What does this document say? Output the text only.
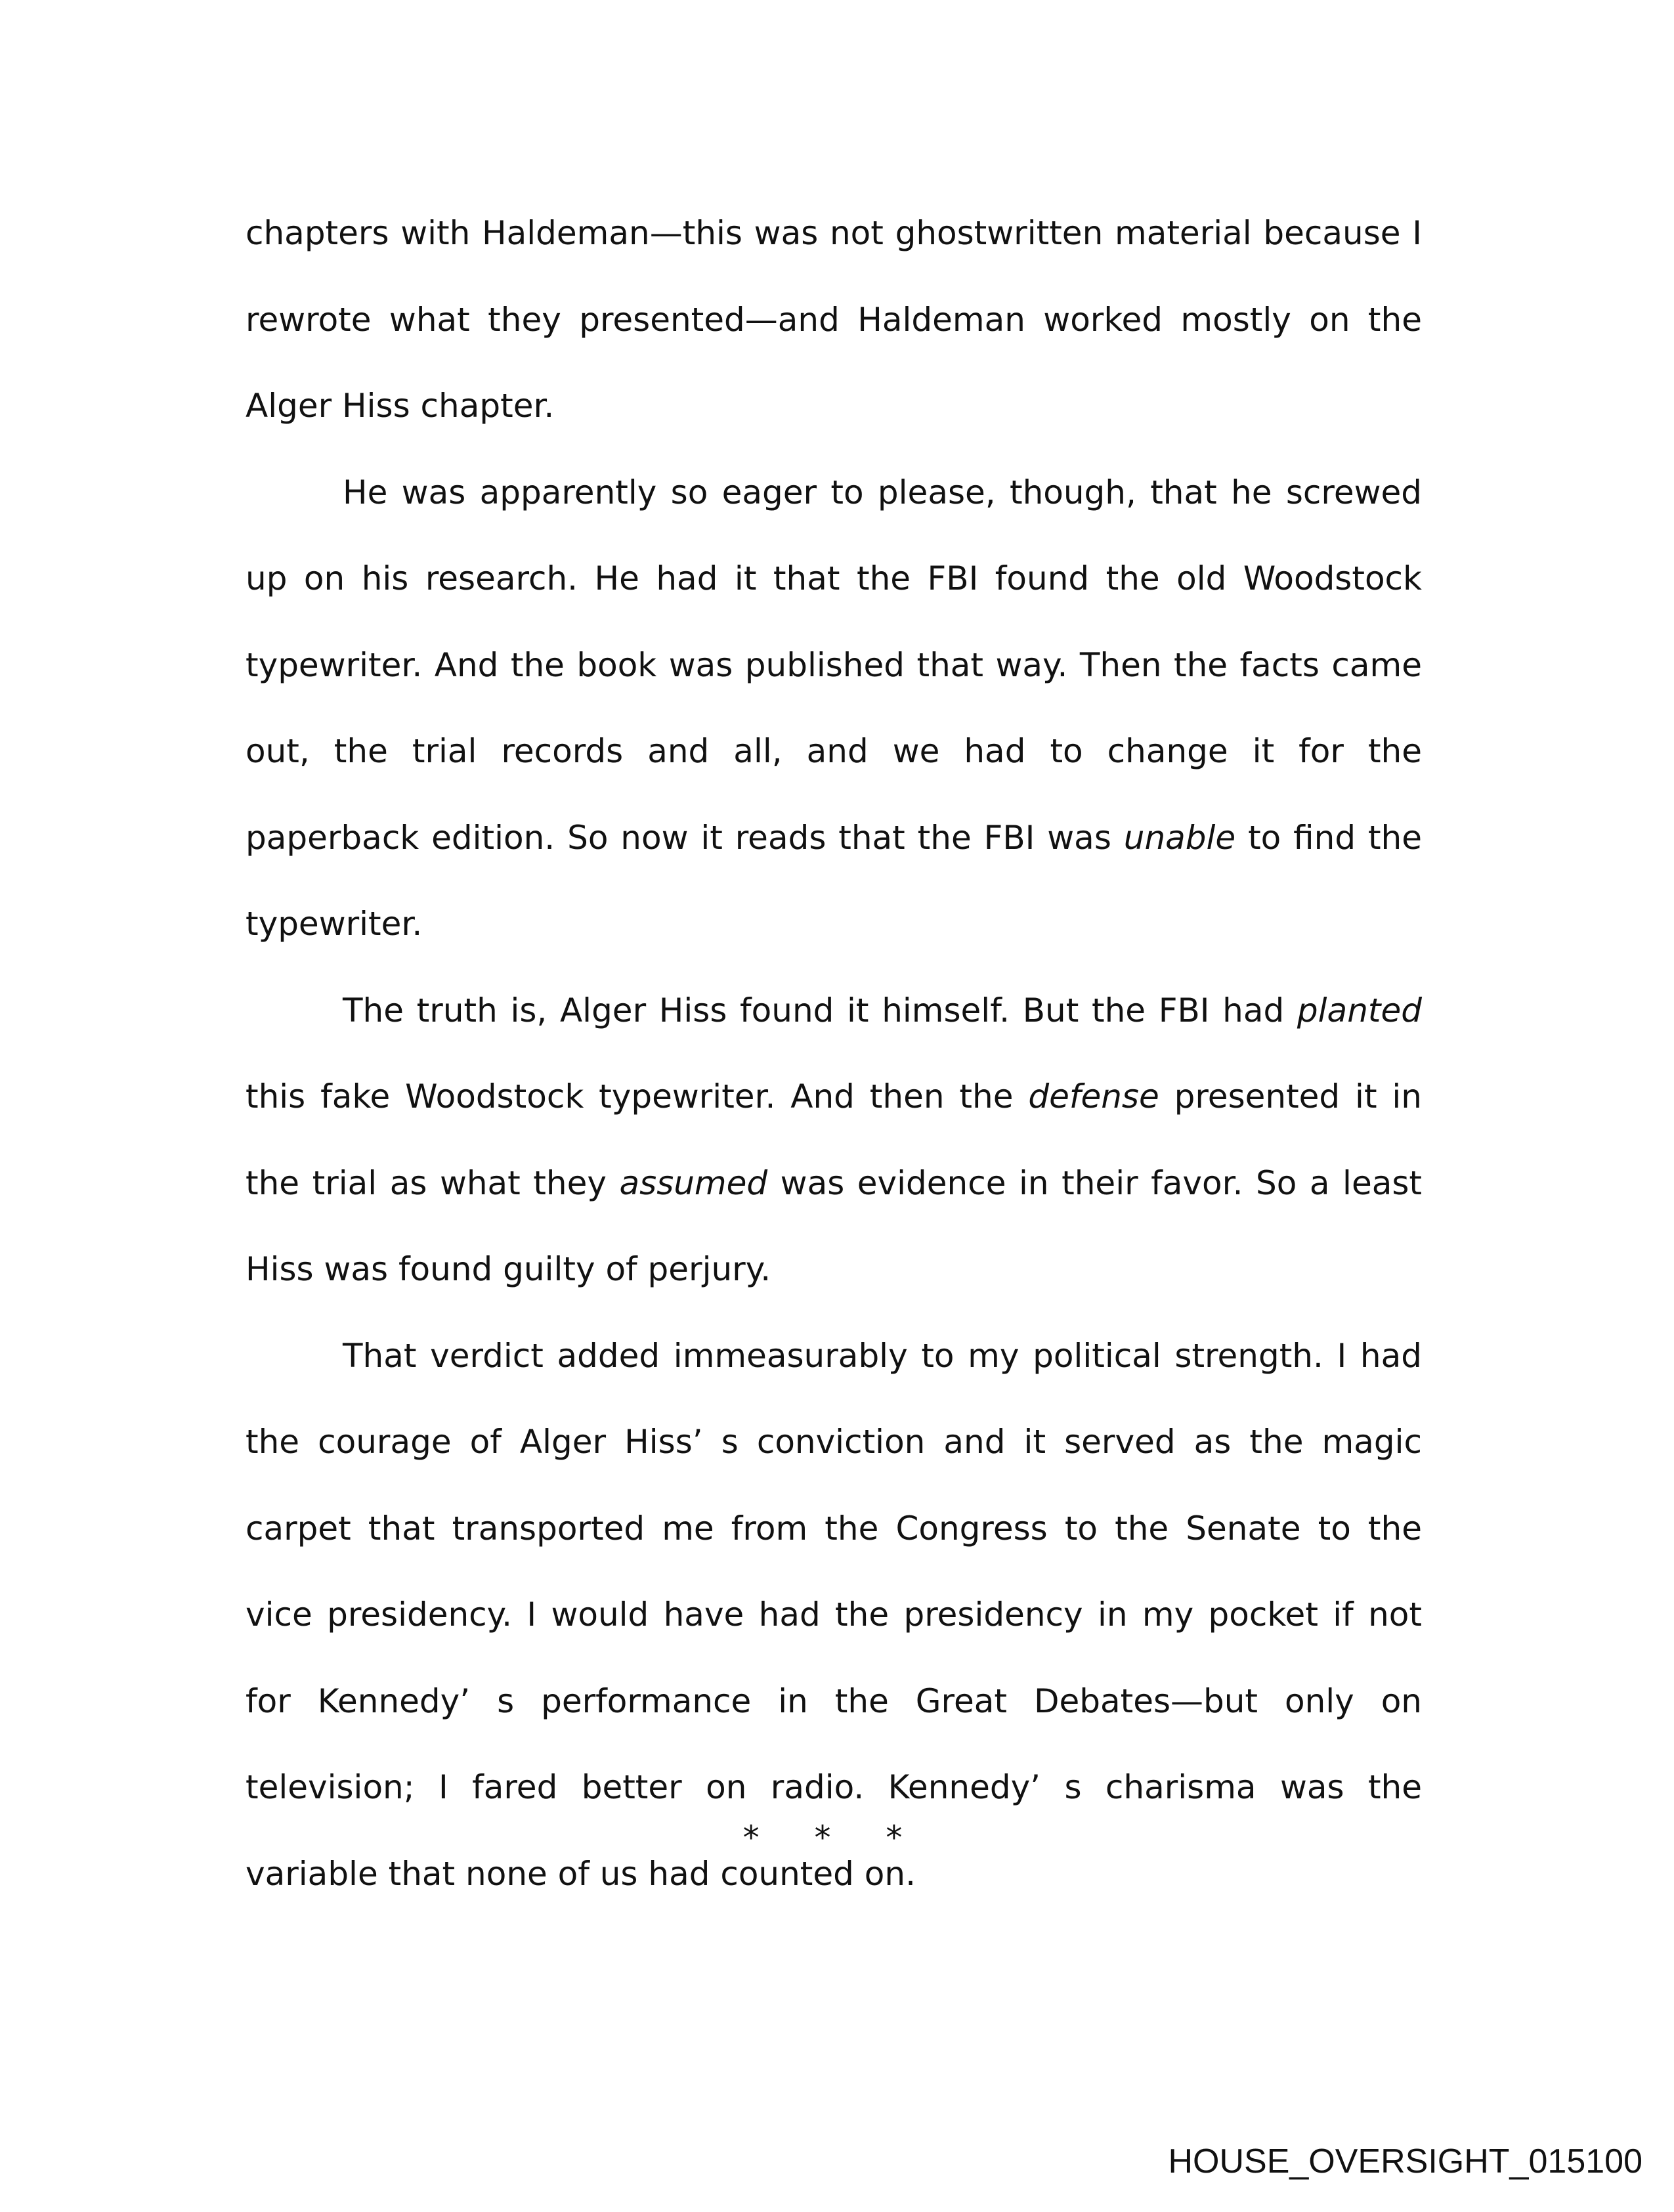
chapters with Haldeman—this was not ghostwritten material because I rewrote what they presented—and Haldeman worked mostly on the Alger Hiss chapter.

He was apparently so eager to please, though, that he screwed up on his research. He had it that the FBI found the old Woodstock typewriter. And the book was published that way. Then the facts came out, the trial records and all, and we had to change it for the paperback edition. So now it reads that the FBI was unable to find the typewriter.

The truth is, Alger Hiss found it himself. But the FBI had planted this fake Woodstock typewriter. And then the defense presented it in the trial as what they assumed was evidence in their favor. So a least Hiss was found guilty of perjury.

That verdict added immeasurably to my political strength. I had the courage of Alger Hiss’ s conviction and it served as the magic carpet that transported me from the Congress to the Senate to the vice presidency. I would have had the presidency in my pocket if not for Kennedy’ s performance in the Great Debates—but only on television; I fared better on radio. Kennedy’ s charisma was the variable that none of us had counted on.

* * *
HOUSE_OVERSIGHT_015100
